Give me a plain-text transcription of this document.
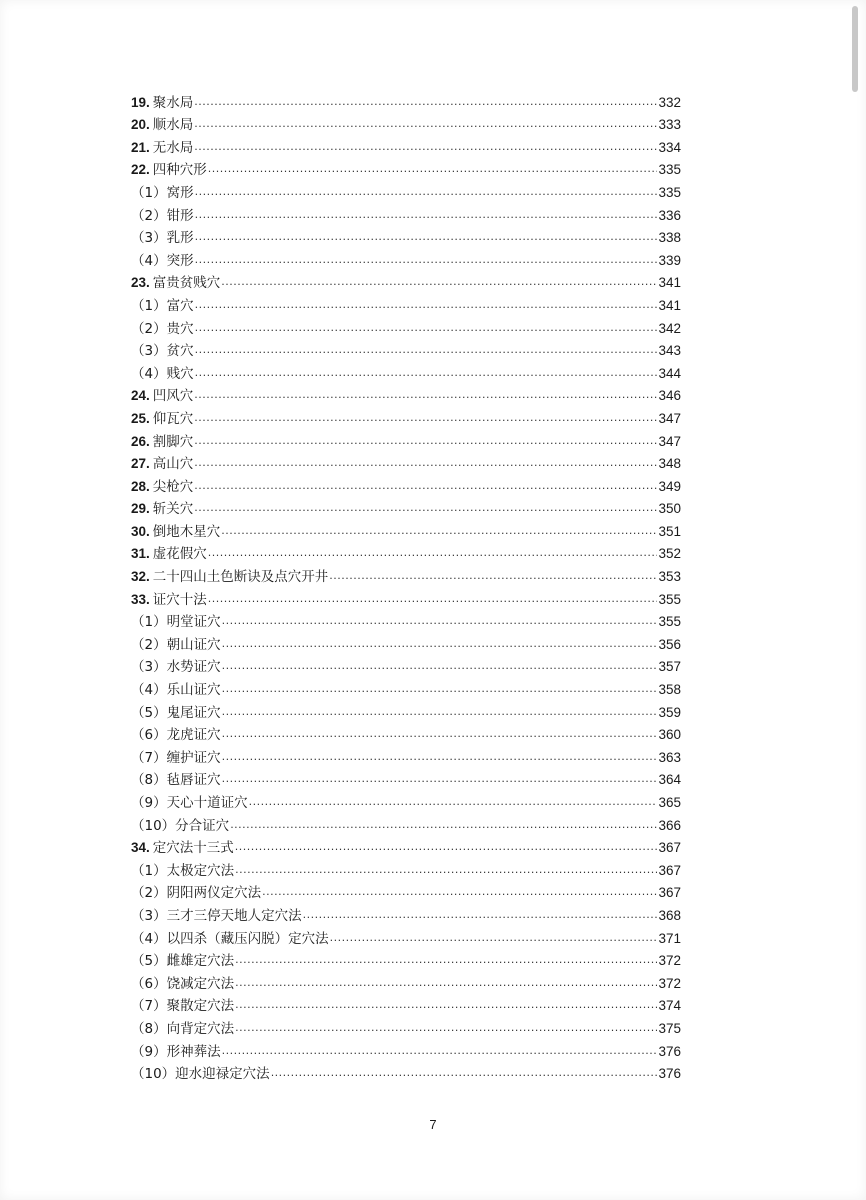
19. 聚水局 .....	332
20. 顺水局 .....	333
21. 无水局 .....	334
22. 四种穴形 .....	335
（1）窝形 .....	335
（2）钳形 .....	336
（3）乳形 .....	338
（4）突形 .....	339
23. 富贵贫贱穴 .....	341
（1）富穴 .....	341
（2）贵穴 .....	342
（3）贫穴 .....	343
（4）贱穴 .....	344
24. 凹风穴 .....	346
25. 仰瓦穴 .....	347
26. 割脚穴 .....	347
27. 高山穴 .....	348
28. 尖枪穴 .....	349
29. 斩关穴 .....	350
30. 倒地木星穴 .....	351
31. 虚花假穴 .....	352
32. 二十四山土色断诀及点穴开井 .....	353
33. 证穴十法 .....	355
（1）明堂证穴 .....	355
（2）朝山证穴 .....	356
（3）水势证穴 .....	357
（4）乐山证穴 .....	358
（5）鬼尾证穴 .....	359
（6）龙虎证穴 .....	360
（7）缠护证穴 .....	363
（8）毡唇证穴 .....	364
（9）天心十道证穴 .....	365
（10）分合证穴 .....	366
34. 定穴法十三式 .....	367
（1）太极定穴法 .....	367
（2）阴阳两仪定穴法 .....	367
（3）三才三停天地人定穴法 .....	368
（4）以四杀（藏压闪脱）定穴法 .....	371
（5）雌雄定穴法 .....	372
（6）饶减定穴法 .....	372
（7）聚散定穴法 .....	374
（8）向背定穴法 .....	375
（9）形神葬法 .....	376
（10）迎水迎禄定穴法 .....	376
7
